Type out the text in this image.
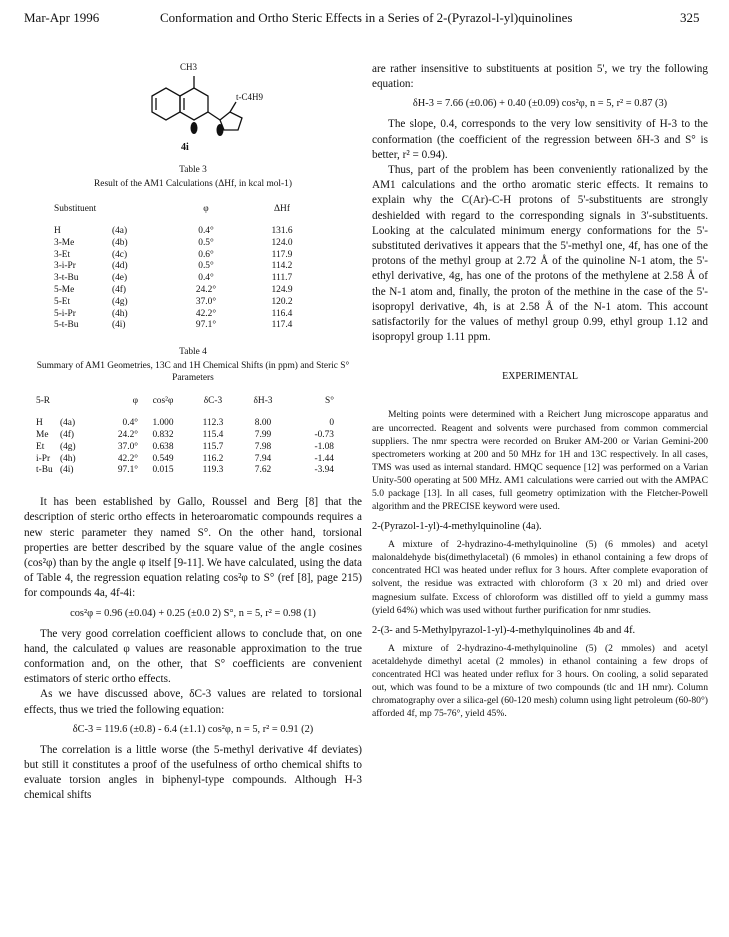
Mar-Apr 1996	Conformation and Ortho Steric Effects in a Series of 2-(Pyrazol-l-yl)quinolines	325
CH3
t-C4H9
4i
Table 3
Result of the AM1 Calculations (ΔHf, in kcal mol-1)
Substituent		φ	ΔHf
H	(4a)	0.4°	131.6
3-Me	(4b)	0.5°	124.0
3-Et	(4c)	0.6°	117.9
3-i-Pr	(4d)	0.5°	114.2
3-t-Bu	(4e)	0.4°	111.7
5-Me	(4f)	24.2°	124.9
5-Et	(4g)	37.0°	120.2
5-i-Pr	(4h)	42.2°	116.4
5-t-Bu	(4i)	97.1°	117.4
Table 4
Summary of AM1 Geometries, 13C and 1H Chemical Shifts (in ppm) and Steric S° Parameters
5-R		φ	cos²φ	δC-3	δH-3	S°
H	(4a)	0.4°	1.000	112.3	8.00	0
Me	(4f)	24.2°	0.832	115.4	7.99	-0.73
Et	(4g)	37.0°	0.638	115.7	7.98	-1.08
i-Pr	(4h)	42.2°	0.549	116.2	7.94	-1.44
t-Bu	(4i)	97.1°	0.015	119.3	7.62	-3.94

It has been established by Gallo, Roussel and Berg [8] that the description of steric ortho effects in heteroaromatic compounds requires a new steric parameter they named S°. On the other hand, torsional properties are better described by the square value of the angle cosines (cos²φ) than by the angle φ itself [9-11]. We have calculated, using the data of Table 4, the regression equation relating cos²φ to S° (ref [8], page 215) for compounds 4a, 4f-4i:

cos²φ = 0.96 (±0.04) + 0.25 (±0.0 2) S°, n = 5, r² = 0.98 (1)

The very good correlation coefficient allows to conclude that, on one hand, the calculated φ values are reasonable approximation to the true conformation and, on the other, that S° coefficients are convenient estimators of steric ortho effects.

As we have discussed above, δC-3 values are related to torsional effects, thus we tried the following equation:

δC-3 = 119.6 (±0.8) - 6.4 (±1.1) cos²φ, n = 5, r² = 0.91 (2)

The correlation is a little worse (the 5-methyl derivative 4f deviates) but still it constitutes a proof of the usefulness of ortho chemical shifts to evaluate torsion angles in biphenyl-type compounds. Although H-3 chemical shifts

are rather insensitive to substituents at position 5', we try the following equation:

δH-3 = 7.66 (±0.06) + 0.40 (±0.09) cos²φ, n = 5, r² = 0.87 (3)

The slope, 0.4, corresponds to the very low sensitivity of H-3 to the conformation (the coefficient of the regression between δH-3 and S° is better, r² = 0.94).

Thus, part of the problem has been conveniently rationalized by the AM1 calculations and the ortho aromatic steric effects. It remains to explain why the C(Ar)-C-H protons of 5'-substituents are strongly deshielded with regard to the corresponding signals in 3'-substituents. Looking at the calculated minimum energy conformations for the 5'-substituted derivatives it appears that the 5'-methyl one, 4f, has one of the protons of the methyl group at 2.72 Å of the quinoline N-1 atom, the 5'-ethyl derivative, 4g, has one of the protons of the methylene at 2.58 Å of the N-1 atom and, finally, the proton of the methine in the case of the 5'-isopropyl derivative, 4h, is at 2.58 Å of the N-1 atom. This account satisfactorily for the values of methyl group 0.99, ethyl group 1.12 and isopropyl group 1.11 ppm.

EXPERIMENTAL

Melting points were determined with a Reichert Jung microscope apparatus and are uncorrected. Reagent and solvents were purchased from common commercial suppliers. The nmr spectra were recorded on Bruker AM-200 or Varian Gemini-200 spectrometers working at 200 and 50 MHz for 1H and 13C respectively. In all cases, TMS was used as internal standard. HMQC sequence [12] was performed on a Varian Unity-500 operating at 500 MHz. AM1 calculations were carried out with the AMPAC 5.0 package [13]. In all cases, full geometry optimization with the Fletcher-Powell algorithm and the PRECISE keyword were used.

2-(Pyrazol-1-yl)-4-methylquinoline (4a).

A mixture of 2-hydrazino-4-methylquinoline (5) (6 mmoles) and acetyl malonaldehyde bis(dimethylacetal) (6 mmoles) in ethanol containing a few drops of concentrated HCl was heated under reflux for 3 hours. After complete evaporation of solvent, the residue was extracted with chloroform (3 x 20 ml) and dried over magnesium sulfate. Excess of chloroform was distilled off to yield a gummy mass (yield 64%) which was used without further purification for nmr studies.

2-(3- and 5-Methylpyrazol-1-yl)-4-methylquinolines 4b and 4f.

A mixture of 2-hydrazino-4-methylquinoline (5) (2 mmoles) and acetyl acetaldehyde dimethyl acetal (2 mmoles) in ethanol containing a few drops of concentrated HCl was heated under reflux for 3 hours. On cooling, a solid separated out, which was found to be a mixture of two compounds (tlc and 1H nmr). Column chromatography over a silica-gel (60-120 mesh) column using light petroleum (60-80°) afforded 4f, mp 75-76°, yield 45%.
